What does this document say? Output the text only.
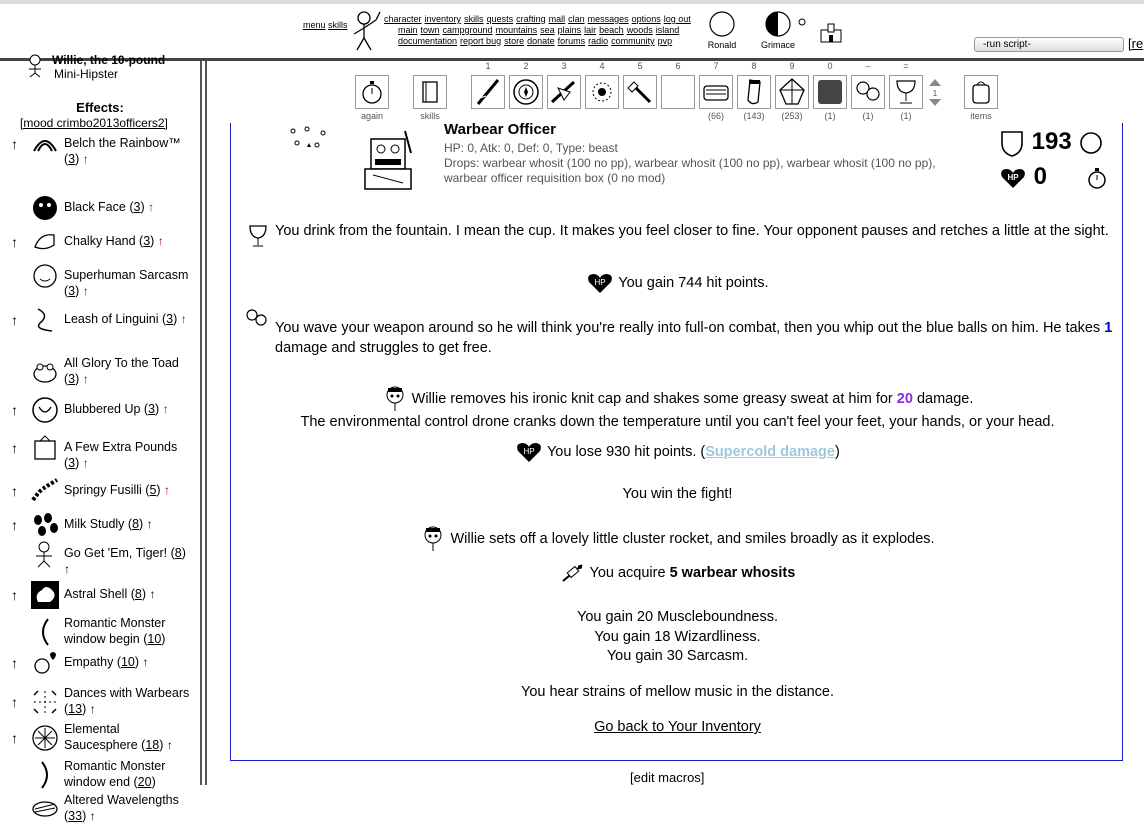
menu skills
character inventory skills quests crafting mall clan messages options log out
main town campground mountains sea plains lair beach woods island
documentation report bug store donate forums radio community pvp	Ronald	Grimace	-run script-	[re
Willie, the 10-pound
Mini-Hipster
Effects:
[mood crimbo2013officers2]
↑	Belch the Rainbow™ (3) ↑
Black Face (3) ↑
↑	Chalky Hand (3) ↑
Superhuman Sarcasm (3) ↑
↑	Leash of Linguini (3) ↑
All Glory To the Toad (3) ↑
↑	Blubbered Up (3) ↑
↑	A Few Extra Pounds (3) ↑
↑	Springy Fusilli (5) ↑
↑	Milk Studly (8) ↑
Go Get 'Em, Tiger! (8) ↑
↑	Astral Shell (8) ↑
Romantic Monster window begin (10)
↑	Empathy (10) ↑
↑
Dances with Warbears (13) ↑
↑
Elemental Saucesphere (18) ↑
Romantic Monster window end (20)
Altered Wavelengths (33) ↑
again	skills
1	2	3	4	5	6	7
(66)
8
(143)
9
(253)
0
(1)
–
(1)
=
(1)
1
items
Warbear Officer
HP: 0, Atk: 0, Def: 0, Type: beast
Drops: warbear whosit (100 no pp), warbear whosit (100 no pp), warbear whosit (100 no pp), warbear officer requisition box (0 no mod)
193
HP 0
You drink from the fountain. I mean the cup. It makes you feel closer to fine. Your opponent pauses and retches a little at the sight.
HP You gain 744 hit points.
You wave your weapon around so he will think you're really into full-on combat, then you whip out the blue balls on him. He takes 1 damage and struggles to get free.
Willie removes his ironic knit cap and shakes some greasy sweat at him for 20 damage.
The environmental control drone cranks down the temperature until you can't feel your feet, your hands, or your head.
HP You lose 930 hit points. (Supercold damage)
You win the fight!
Willie sets off a lovely little cluster rocket, and smiles broadly as it explodes.
You acquire 5 warbear whosits
You gain 20 Muscleboundness.
You gain 18 Wizardliness.
You gain 30 Sarcasm.
You hear strains of mellow music in the distance.
Go back to Your Inventory
[edit macros]
